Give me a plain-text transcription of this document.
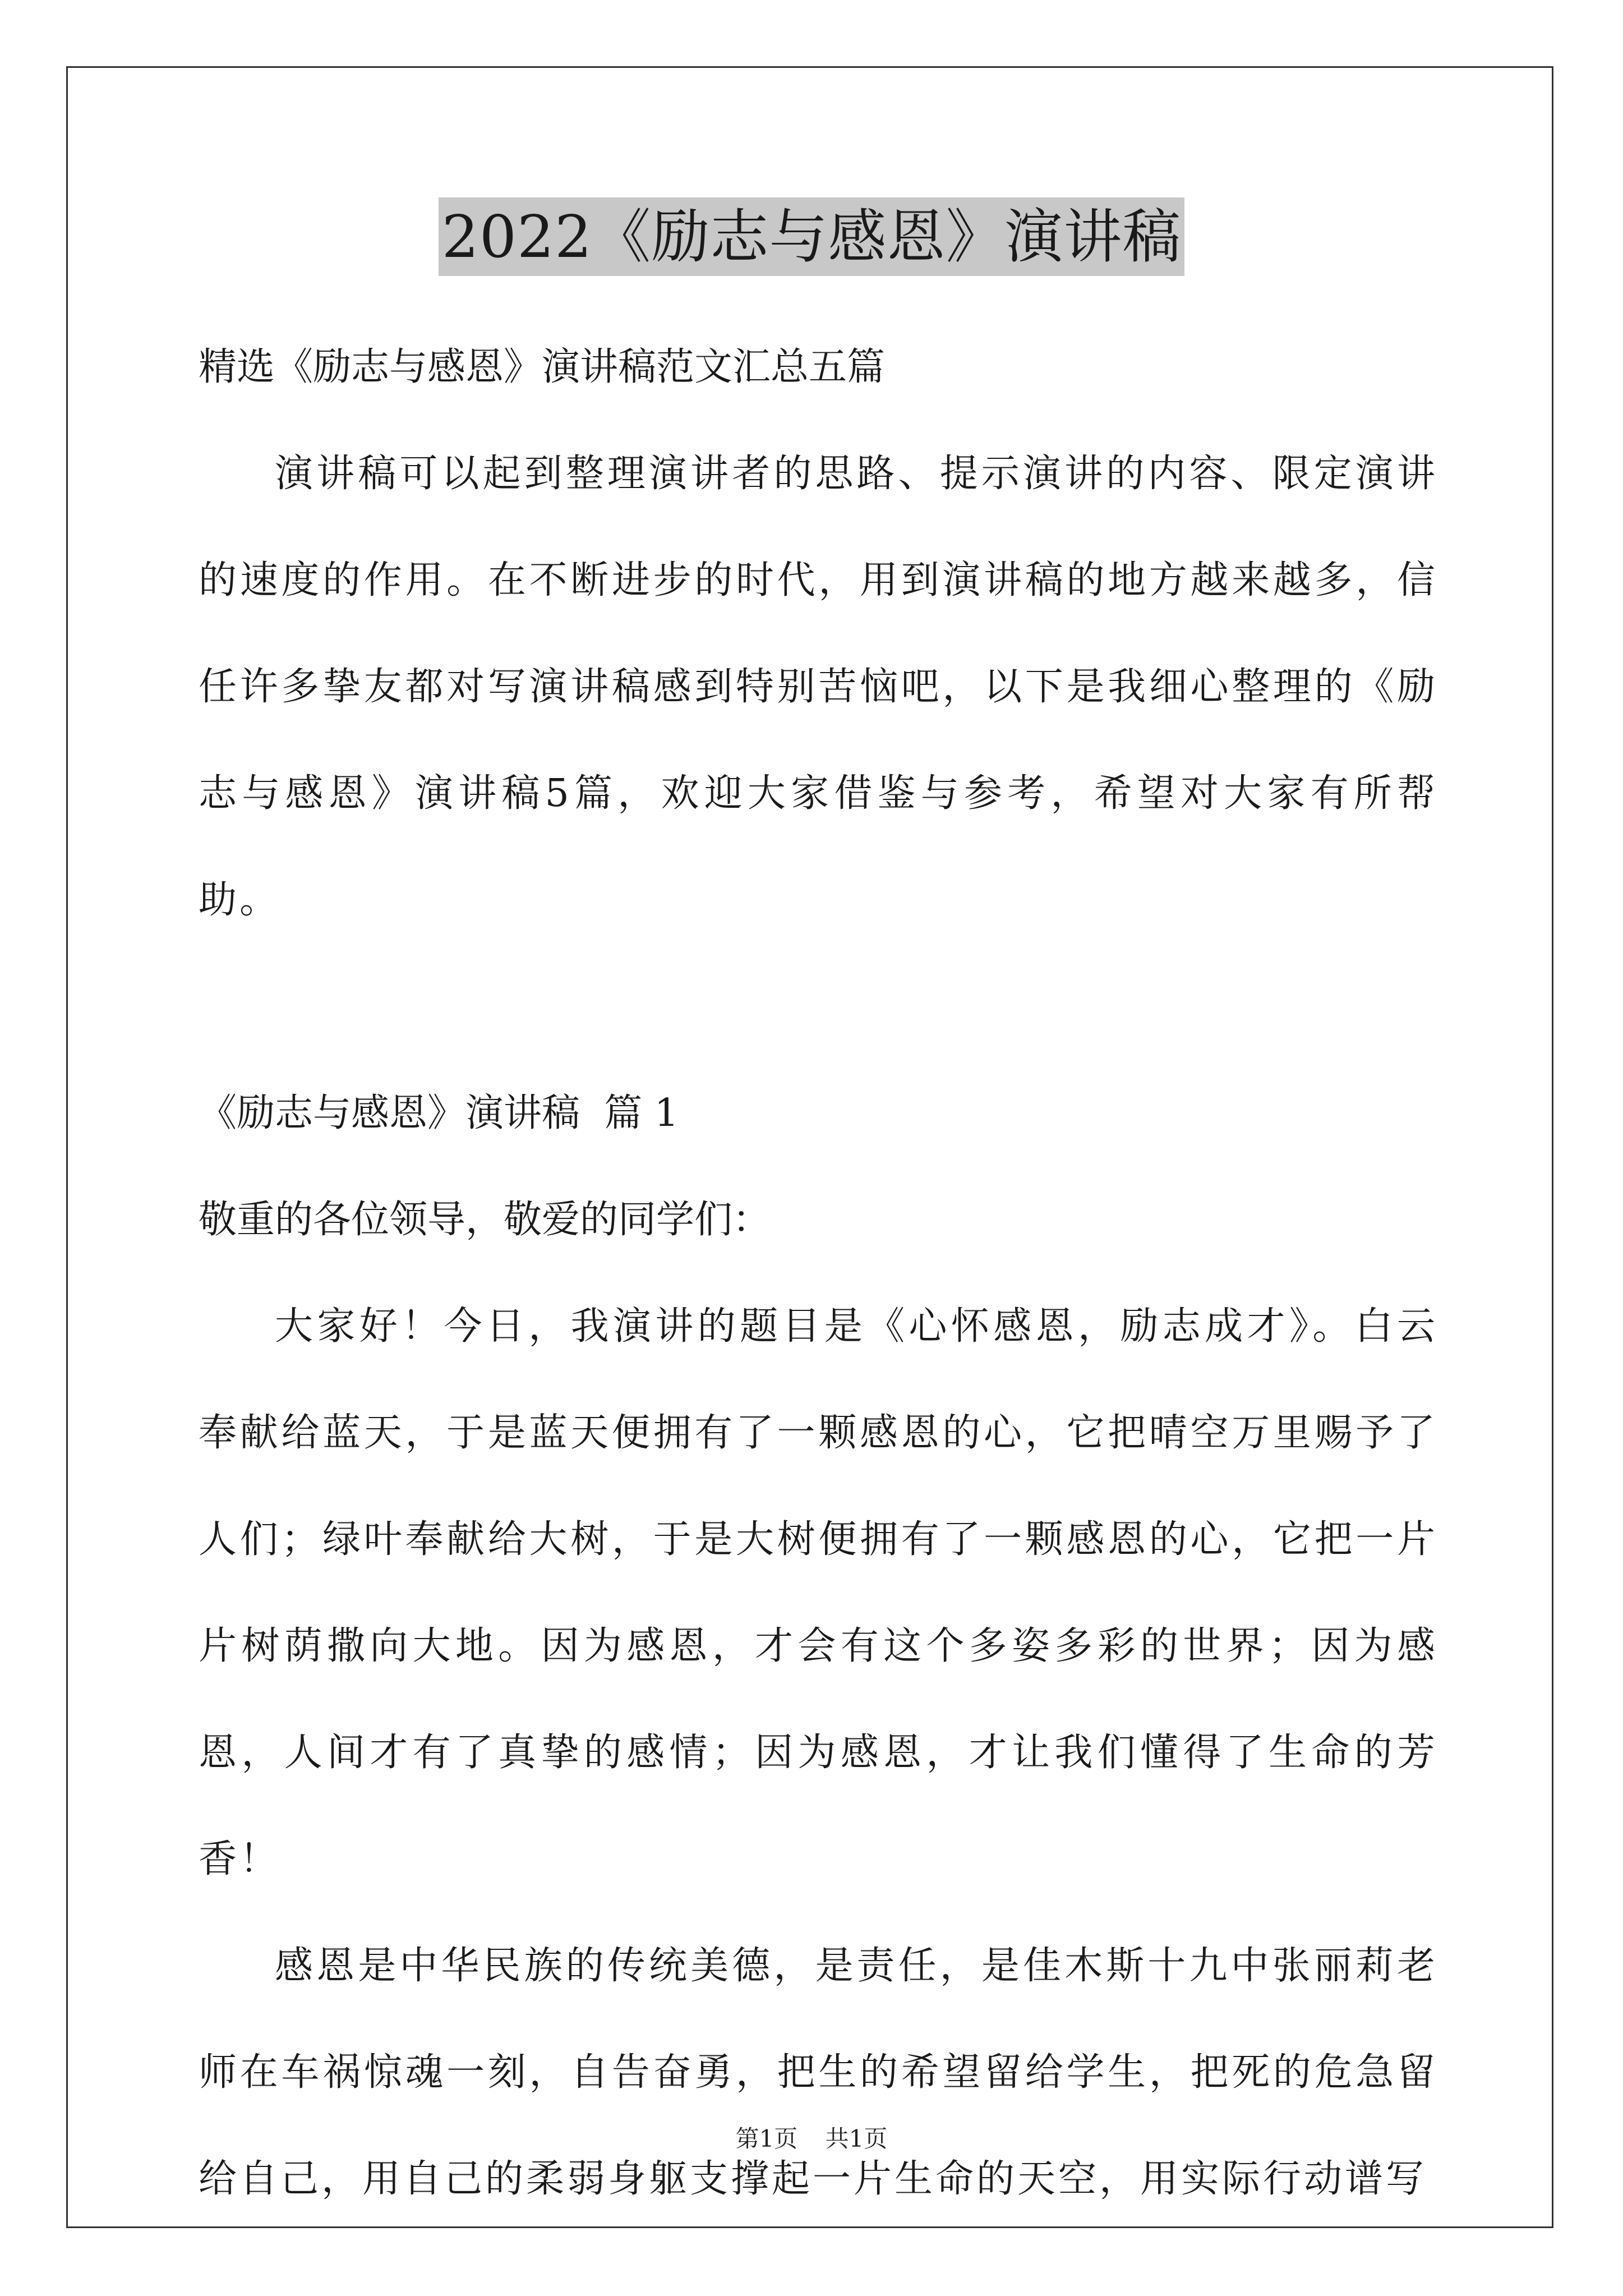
2022《励志与感恩》演讲稿

精选《励志与感恩》演讲稿范文汇总五篇

演讲稿可以起到整理演讲者的思路、提示演讲的内容、限定演讲的速度的作用。在不断进步的时代，用到演讲稿的地方越来越多，信任许多挚友都对写演讲稿感到特别苦恼吧，以下是我细心整理的《励志与感恩》演讲稿5篇，欢迎大家借鉴与参考，希望对大家有所帮助。

《励志与感恩》演讲稿  篇 1

敬重的各位领导，敬爱的同学们：

大家好！今日，我演讲的题目是《心怀感恩，励志成才》。白云奉献给蓝天，于是蓝天便拥有了一颗感恩的心，它把晴空万里赐予了人们；绿叶奉献给大树，于是大树便拥有了一颗感恩的心，它把一片片树荫撒向大地。因为感恩，才会有这个多姿多彩的世界；因为感恩，人间才有了真挚的感情；因为感恩，才让我们懂得了生命的芳香！

感恩是中华民族的传统美德，是责任，是佳木斯十九中张丽莉老师在车祸惊魂一刻，自告奋勇，把生的希望留给学生，把死的危急留给自己，用自己的柔弱身躯支撑起一片生命的天空，用实际行动谱写

第1页 共1页
